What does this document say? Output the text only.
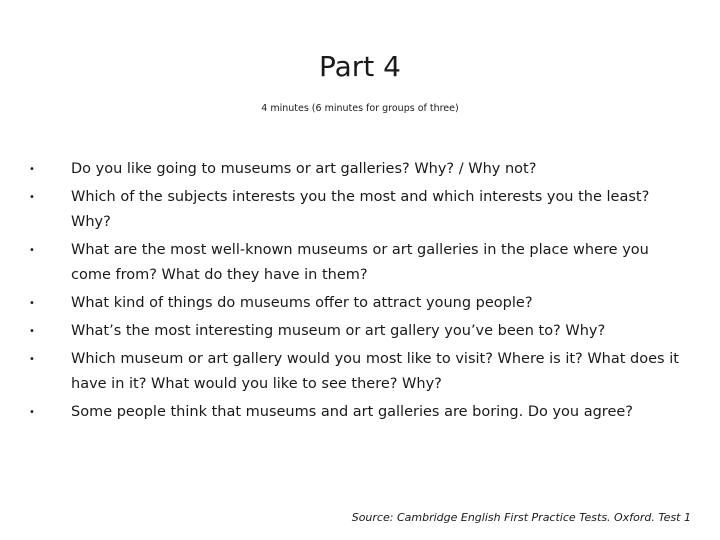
Part 4

4 minutes (6 minutes for groups of three)

• Do you like going to museums or art galleries? Why? / Why not?
• Which of the subjects interests you the most and which interests you the least? Why?
• What are the most well-known museums or art galleries in the place where you come from? What do they have in them?
• What kind of things do museums offer to attract young people?
• What’s the most interesting museum or art gallery you’ve been to? Why?
• Which museum or art gallery would you most like to visit? Where is it? What does it have in it? What would you like to see there? Why?
• Some people think that museums and art galleries are boring. Do you agree?

Source: Cambridge English First Practice Tests. Oxford. Test 1
